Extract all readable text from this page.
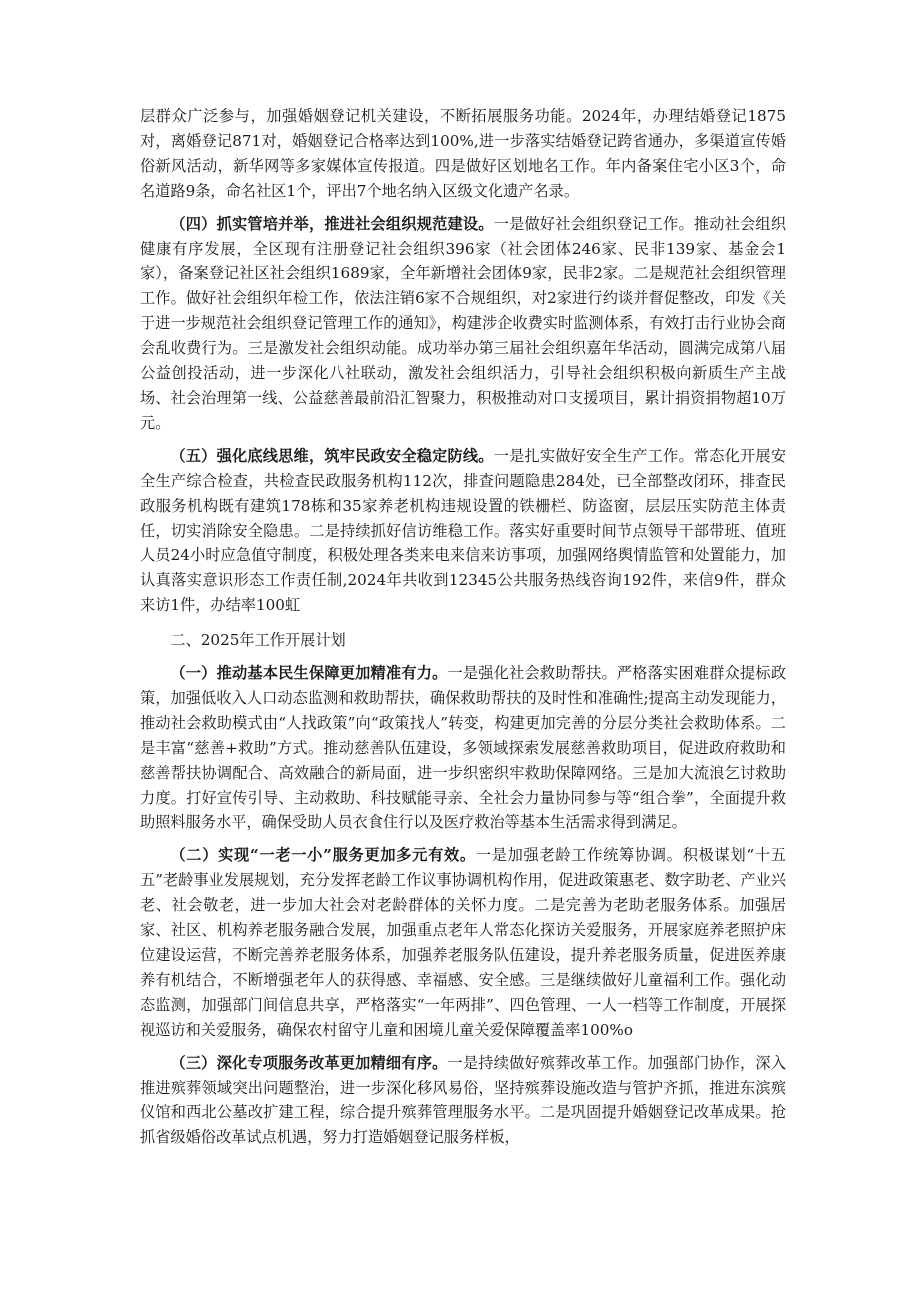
层群众广泛参与，加强婚姻登记机关建设，不断拓展服务功能。2024年，办理结婚登记1875对，离婚登记871对，婚姻登记合格率达到100%,进一步落实结婚登记跨省通办，多渠道宣传婚俗新风活动，新华网等多家媒体宣传报道。四是做好区划地名工作。年内备案住宅小区3个，命名道路9条，命名社区1个，评出7个地名纳入区级文化遗产名录。

（四）抓实管培并举，推进社会组织规范建设。一是做好社会组织登记工作。推动社会组织健康有序发展，全区现有注册登记社会组织396家（社会团体246家、民非139家、基金会1家），备案登记社区社会组织1689家，全年新增社会团体9家，民非2家。二是规范社会组织管理工作。做好社会组织年检工作，依法注销6家不合规组织，对2家进行约谈并督促整改，印发《关于进一步规范社会组织登记管理工作的通知》，构建涉企收费实时监测体系，有效打击行业协会商会乱收费行为。三是激发社会组织动能。成功举办第三届社会组织嘉年华活动，圆满完成第八届公益创投活动，进一步深化八社联动，激发社会组织活力，引导社会组织积极向新质生产主战场、社会治理第一线、公益慈善最前沿汇智聚力，积极推动对口支援项目，累计捐资捐物超10万元。

（五）强化底线思维，筑牢民政安全稳定防线。一是扎实做好安全生产工作。常态化开展安全生产综合检查，共检查民政服务机构112次，排查问题隐患284处，已全部整改闭环，排查民政服务机构既有建筑178栋和35家养老机构违规设置的铁栅栏、防盗窗，层层压实防范主体责任，切实消除安全隐患。二是持续抓好信访维稳工作。落实好重要时间节点领导干部带班、值班人员24小时应急值守制度，积极处理各类来电来信来访事项，加强网络舆情监管和处置能力，加认真落实意识形态工作责任制,2024年共收到12345公共服务热线咨询192件，来信9件，群众来访1件，办结率100虹

二、2025年工作开展计划

（一）推动基本民生保障更加精准有力。一是强化社会救助帮扶。严格落实困难群众提标政策，加强低收入人口动态监测和救助帮扶，确保救助帮扶的及时性和准确性;提高主动发现能力，推动社会救助模式由“人找政策”向“政策找人”转变，构建更加完善的分层分类社会救助体系。二是丰富“慈善+救助”方式。推动慈善队伍建设，多领域探索发展慈善救助项目，促进政府救助和慈善帮扶协调配合、高效融合的新局面，进一步织密织牢救助保障网络。三是加大流浪乞讨救助力度。打好宣传引导、主动救助、科技赋能寻亲、全社会力量协同参与等“组合拳”，全面提升救助照料服务水平，确保受助人员衣食住行以及医疗救治等基本生活需求得到满足。

（二）实现“一老一小”服务更加多元有效。一是加强老龄工作统筹协调。积极谋划“十五五”老龄事业发展规划，充分发挥老龄工作议事协调机构作用，促进政策惠老、数字助老、产业兴老、社会敬老，进一步加大社会对老龄群体的关怀力度。二是完善为老助老服务体系。加强居家、社区、机构养老服务融合发展，加强重点老年人常态化探访关爱服务，开展家庭养老照护床位建设运营，不断完善养老服务体系，加强养老服务队伍建设，提升养老服务质量，促进医养康养有机结合，不断增强老年人的获得感、幸福感、安全感。三是继续做好儿童福利工作。强化动态监测，加强部门间信息共享，严格落实“一年两排”、四色管理、一人一档等工作制度，开展探视巡访和关爱服务，确保农村留守儿童和困境儿童关爱保障覆盖率100%o

（三）深化专项服务改革更加精细有序。一是持续做好殡葬改革工作。加强部门协作，深入推进殡葬领域突出问题整治，进一步深化移风易俗，坚持殡葬设施改造与管护齐抓，推进东滨殡仪馆和西北公墓改扩建工程，综合提升殡葬管理服务水平。二是巩固提升婚姻登记改革成果。抢抓省级婚俗改革试点机遇，努力打造婚姻登记服务样板，
